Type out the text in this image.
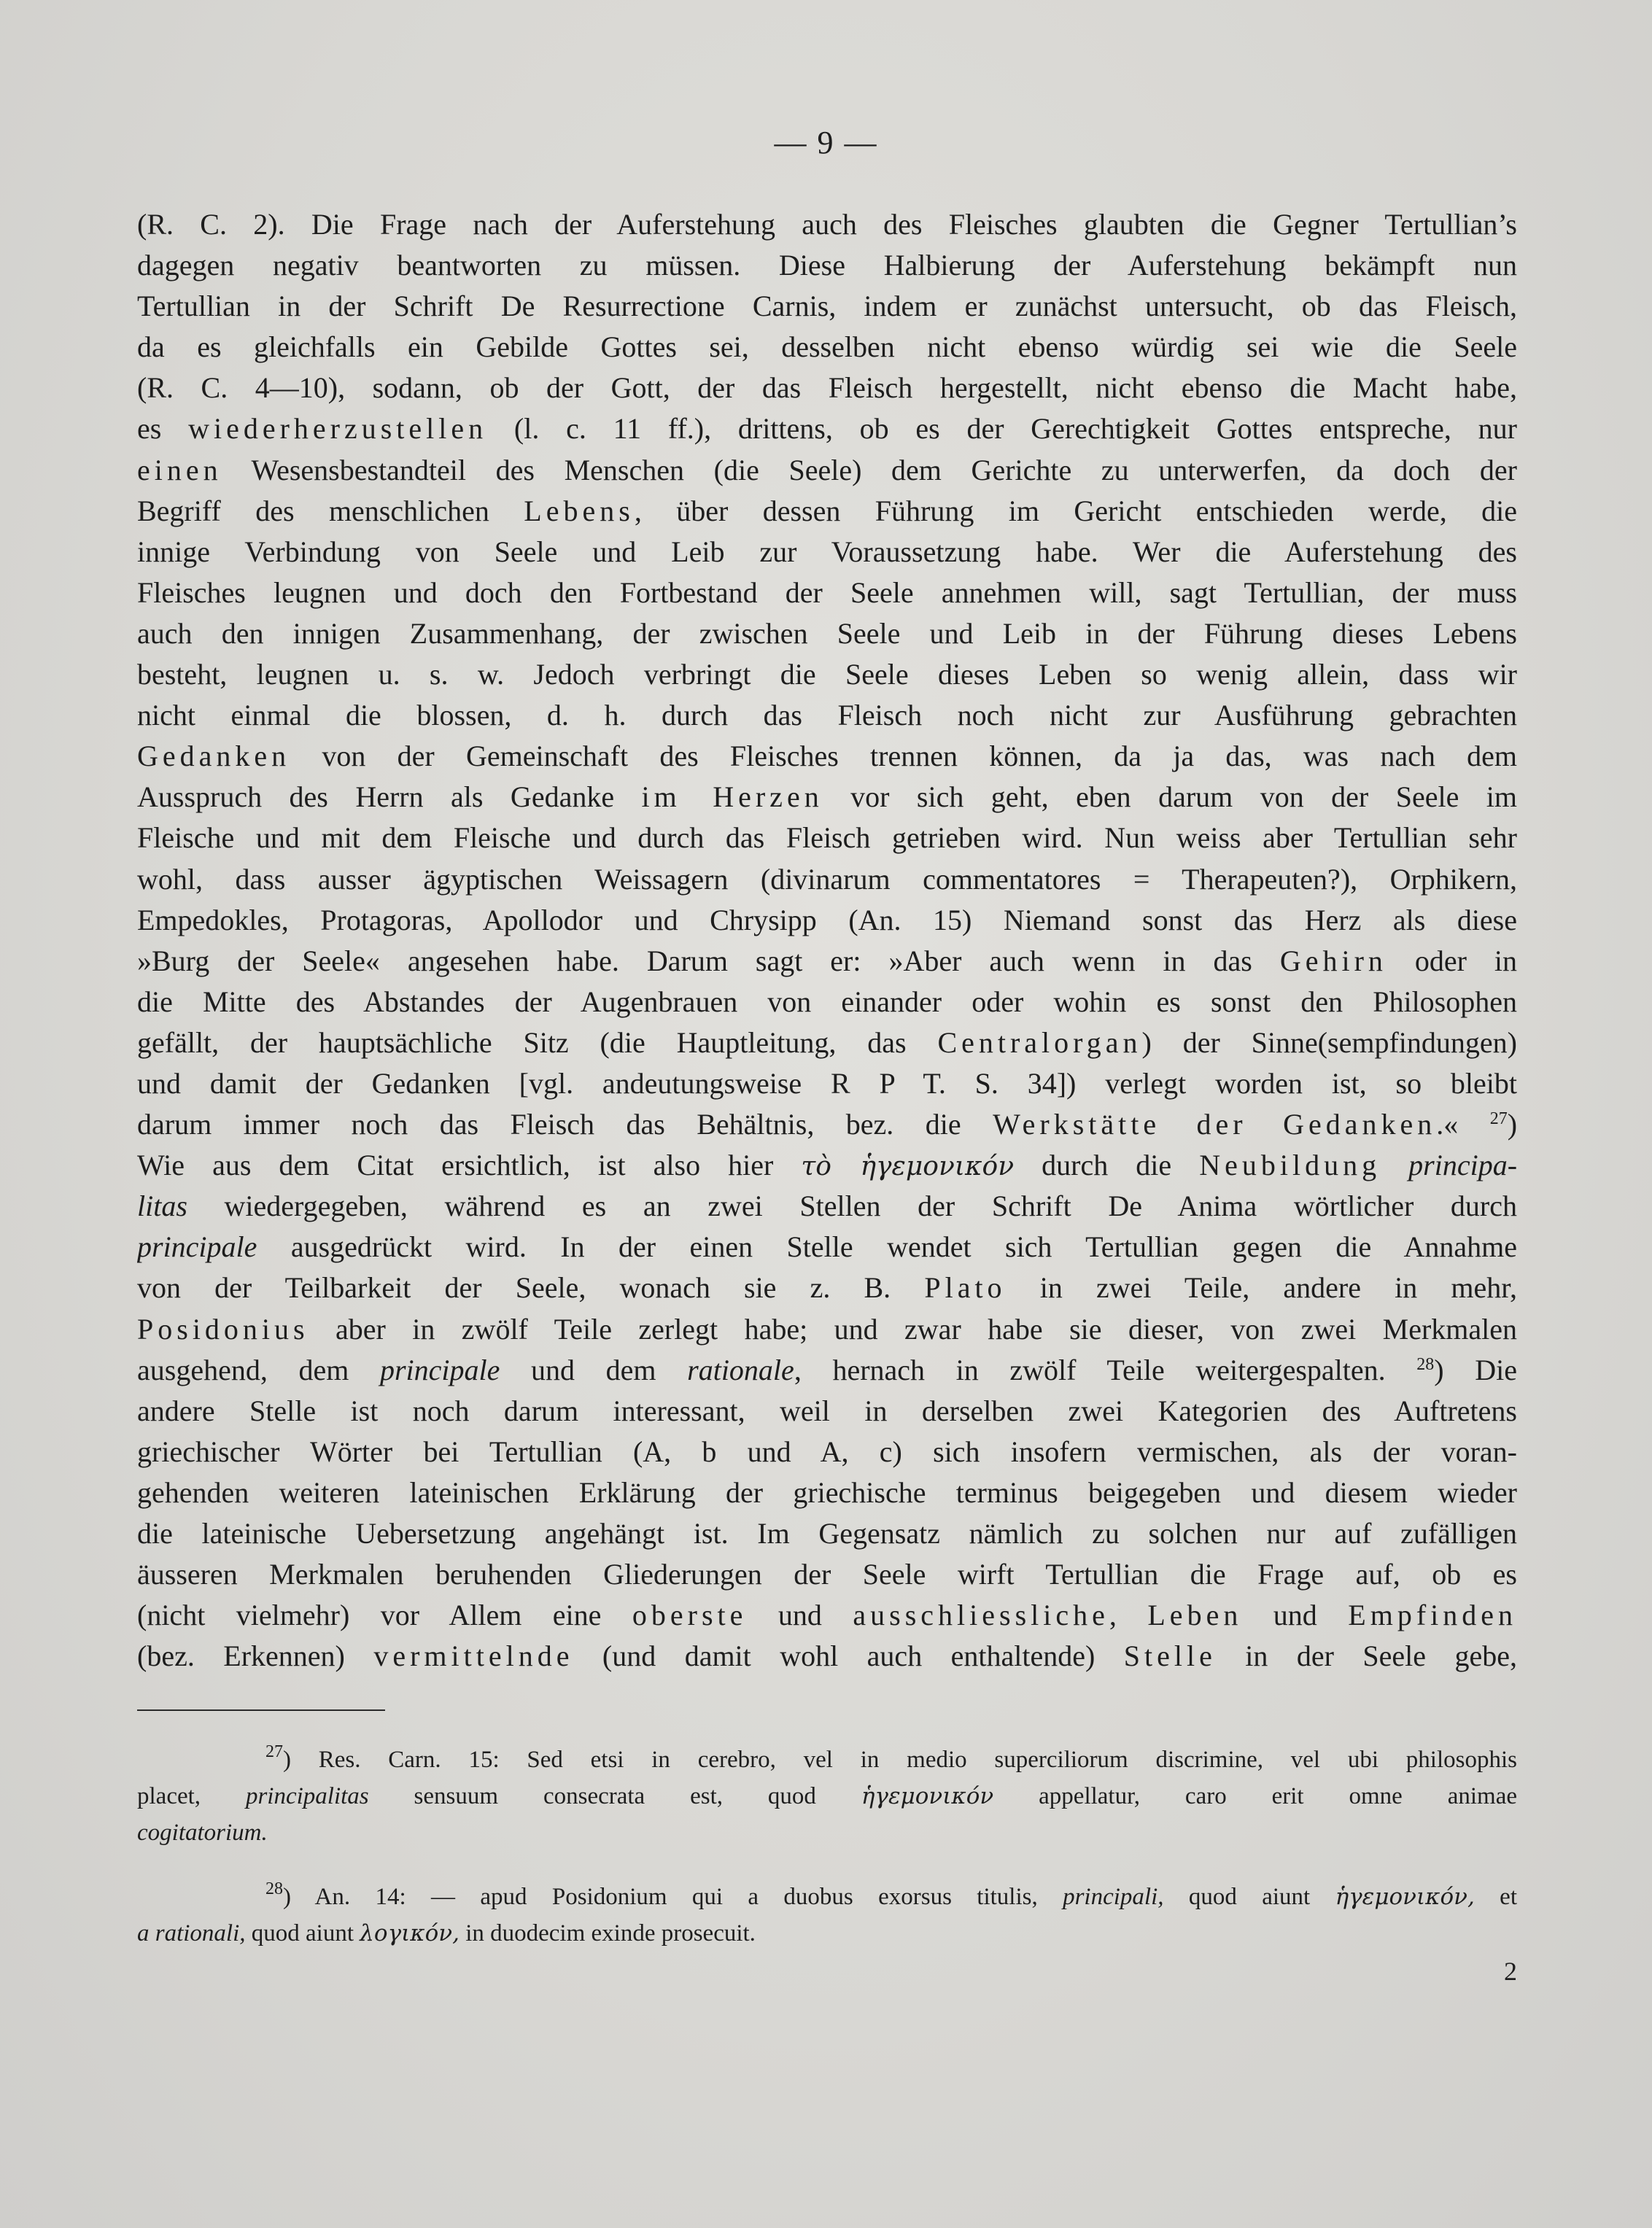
— 9 —
(R. C. 2). Die Frage nach der Auferstehung auch des Fleisches glaubten die Gegner Tertullian’s
dagegen negativ beantworten zu müssen. Diese Halbierung der Auferstehung bekämpft nun
Tertullian in der Schrift De Resurrectione Carnis, indem er zunächst untersucht, ob das Fleisch,
da es gleichfalls ein Gebilde Gottes sei, desselben nicht ebenso würdig sei wie die Seele
(R. C. 4—10), sodann, ob der Gott, der das Fleisch hergestellt, nicht ebenso die Macht habe,
es wiederherzustellen (l. c. 11 ff.), drittens, ob es der Gerechtigkeit Gottes entspreche, nur
einen Wesensbestandteil des Menschen (die Seele) dem Gerichte zu unterwerfen, da doch der
Begriff des menschlichen Lebens, über dessen Führung im Gericht entschieden werde, die
innige Verbindung von Seele und Leib zur Voraussetzung habe. Wer die Auferstehung des
Fleisches leugnen und doch den Fortbestand der Seele annehmen will, sagt Tertullian, der muss
auch den innigen Zusammenhang, der zwischen Seele und Leib in der Führung dieses Lebens
besteht, leugnen u. s. w. Jedoch verbringt die Seele dieses Leben so wenig allein, dass wir
nicht einmal die blossen, d. h. durch das Fleisch noch nicht zur Ausführung gebrachten
Gedanken von der Gemeinschaft des Fleisches trennen können, da ja das, was nach dem
Ausspruch des Herrn als Gedanke im Herzen vor sich geht, eben darum von der Seele im
Fleische und mit dem Fleische und durch das Fleisch getrieben wird. Nun weiss aber Tertullian sehr
wohl, dass ausser ägyptischen Weissagern (divinarum commentatores = Therapeuten?), Orphikern,
Empedokles, Protagoras, Apollodor und Chrysipp (An. 15) Niemand sonst das Herz als diese
»Burg der Seele« angesehen habe. Darum sagt er: »Aber auch wenn in das Gehirn oder in
die Mitte des Abstandes der Augenbrauen von einander oder wohin es sonst den Philosophen
gefällt, der hauptsächliche Sitz (die Hauptleitung, das Centralorgan) der Sinne(sempfindungen)
und damit der Gedanken [vgl. andeutungsweise R P T. S. 34]) verlegt worden ist, so bleibt
darum immer noch das Fleisch das Behältnis, bez. die Werkstätte der Gedanken.« $^{27}$)
Wie aus dem Citat ersichtlich, ist also hier τὸ ἡγεμονικόν durch die Neubildung principa-
litas wiedergegeben, während es an zwei Stellen der Schrift De Anima wörtlicher durch
principale ausgedrückt wird. In der einen Stelle wendet sich Tertullian gegen die Annahme
von der Teilbarkeit der Seele, wonach sie z. B. Plato in zwei Teile, andere in mehr,
Posidonius aber in zwölf Teile zerlegt habe; und zwar habe sie dieser, von zwei Merkmalen
ausgehend, dem principale und dem rationale, hernach in zwölf Teile weitergespalten. $^{28}$) Die
andere Stelle ist noch darum interessant, weil in derselben zwei Kategorien des Auftretens
griechischer Wörter bei Tertullian (A, b und A, c) sich insofern vermischen, als der voran-
gehenden weiteren lateinischen Erklärung der griechische terminus beigegeben und diesem wieder
die lateinische Uebersetzung angehängt ist. Im Gegensatz nämlich zu solchen nur auf zufälligen
äusseren Merkmalen beruhenden Gliederungen der Seele wirft Tertullian die Frage auf, ob es
(nicht vielmehr) vor Allem eine oberste und ausschliessliche, Leben und Empfinden
(bez. Erkennen) vermittelnde (und damit wohl auch enthaltende) Stelle in der Seele gebe,
$^{27}$) Res. Carn. 15: Sed etsi in cerebro, vel in medio superciliorum discrimine, vel ubi philosophis
placet, principalitas sensuum consecrata est, quod ἡγεμονικόν appellatur, caro erit omne animae
cogitatorium.
$^{28}$) An. 14: — apud Posidonium qui a duobus exorsus titulis, principali, quod aiunt ἡγεμονικόν, et
a rationali, quod aiunt λογικόν, in duodecim exinde prosecuit.
2
